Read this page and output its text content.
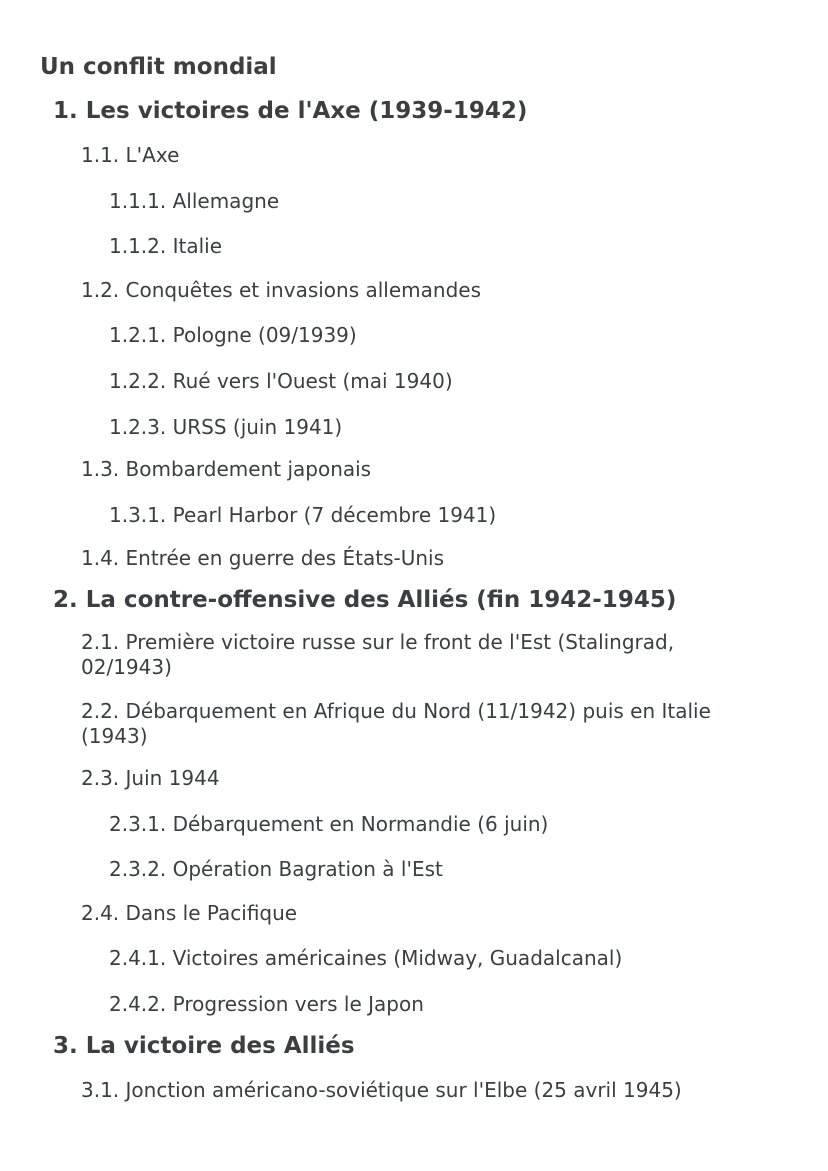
Un conflit mondial
1. Les victoires de l'Axe (1939-1942)
1.1. L'Axe
1.1.1. Allemagne
1.1.2. Italie
1.2. Conquêtes et invasions allemandes
1.2.1. Pologne (09/1939)
1.2.2. Rué vers l'Ouest (mai 1940)
1.2.3. URSS (juin 1941)
1.3. Bombardement japonais
1.3.1. Pearl Harbor (7 décembre 1941)
1.4. Entrée en guerre des États-Unis
2. La contre-offensive des Alliés (fin 1942-1945)
2.1. Première victoire russe sur le front de l'Est (Stalingrad, 02/1943)
2.2. Débarquement en Afrique du Nord (11/1942) puis en Italie (1943)
2.3. Juin 1944
2.3.1. Débarquement en Normandie (6 juin)
2.3.2. Opération Bagration à l'Est
2.4. Dans le Pacifique
2.4.1. Victoires américaines (Midway, Guadalcanal)
2.4.2. Progression vers le Japon
3. La victoire des Alliés
3.1. Jonction américano-soviétique sur l'Elbe (25 avril 1945)
